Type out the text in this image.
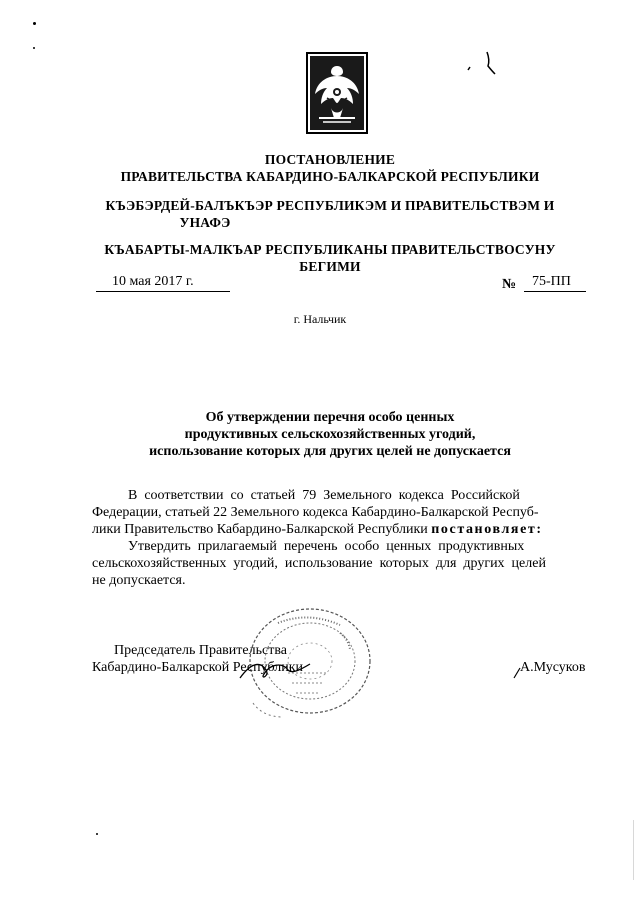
ПОСТАНОВЛЕНИЕ
ПРАВИТЕЛЬСТВА КАБАРДИНО-БАЛКАРСКОЙ РЕСПУБЛИКИ
КЪЭБЭРДЕЙ-БАЛЪКЪЭР РЕСПУБЛИКЭМ И ПРАВИТЕЛЬСТВЭМ И
УНАФЭ
КЪАБАРТЫ-МАЛКЪАР РЕСПУБЛИКАНЫ ПРАВИТЕЛЬСТВОСУНУ
БЕГИМИ
10 мая 2017 г.	№ 75-ПП
г. Нальчик
Об утверждении перечня особо ценных
продуктивных сельскохозяйственных угодий,
использование которых для других целей не допускается
В  соответствии  со  статьей  79  Земельного  кодекса  Российской
Федерации, статьей 22 Земельного кодекса Кабардино-Балкарской Респуб-
лики Правительство Кабардино-Балкарской Республики постановляет:
Утвердить  прилагаемый  перечень  особо  ценных  продуктивных
сельскохозяйственных  угодий,  использование  которых  для  других  целей
не допускается.
Председатель Правительства
Кабардино-Балкарской Республики	А.Мусуков
